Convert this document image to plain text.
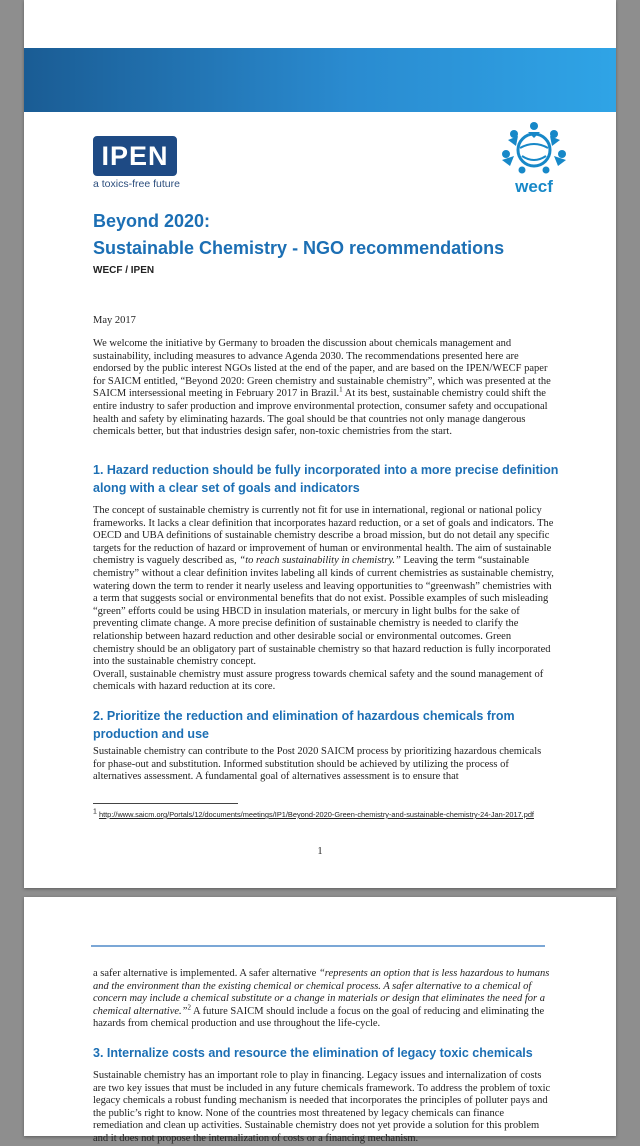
IPEN
a toxics-free future	wecf
Beyond 2020:
Sustainable Chemistry - NGO recommendations
WECF / IPEN
May 2017

We welcome the initiative by Germany to broaden the discussion about chemicals management and sustainability, including measures to advance Agenda 2030. The recommendations presented here are endorsed by the public interest NGOs listed at the end of the paper, and are based on the IPEN/WECF paper for SAICM entitled, “Beyond 2020: Green chemistry and sustainable chemistry”, which was presented at the SAICM intersessional meeting in February 2017 in Brazil.$^1$ At its best, sustainable chemistry could shift the entire industry to safer production and improve environmental protection, consumer safety and occupational health and safety by eliminating hazards. The goal should be that countries not only manage dangerous chemicals better, but that industries design safer, non-toxic chemistries from the start.

1. Hazard reduction should be fully incorporated into a more precise definition along with a clear set of goals and indicators

The concept of sustainable chemistry is currently not fit for use in international, regional or national policy frameworks. It lacks a clear definition that incorporates hazard reduction, or a set of goals and indicators. The OECD and UBA definitions of sustainable chemistry describe a broad mission, but do not detail any specific targets for the reduction of hazard or improvement of human or environmental health. The aim of sustainable chemistry is vaguely described as, “to reach sustainability in chemistry.” Leaving the term “sustainable chemistry” without a clear definition invites labeling all kinds of current chemistries as sustainable chemistry, watering down the term to render it nearly useless and leaving opportunities to “greenwash” chemistries with a term that suggests social or environmental benefits that do not exist. Possible examples of such misleading “green” efforts could be using HBCD in insulation materials, or mercury in light bulbs for the sake of preventing climate change. A more precise definition of sustainable chemistry is needed to clarify the relationship between hazard reduction and other desirable social or environmental outcomes. Green chemistry should be an obligatory part of sustainable chemistry so that hazard reduction is fully incorporated into the sustainable chemistry concept.

Overall, sustainable chemistry must assure progress towards chemical safety and the sound management of chemicals with hazard reduction at its core.

2. Prioritize the reduction and elimination of hazardous chemicals from production and use
Sustainable chemistry can contribute to the Post 2020 SAICM process by prioritizing hazardous chemicals for phase-out and substitution. Informed substitution should be achieved by utilizing the process of alternatives assessment. A fundamental goal of alternatives assessment is to ensure that
$^1$ http://www.saicm.org/Portals/12/documents/meetings/IP1/Beyond-2020-Green-chemistry-and-sustainable-chemistry-24-Jan-2017.pdf
1

a safer alternative is implemented. A safer alternative “represents an option that is less hazardous to humans and the environment than the existing chemical or chemical process. A safer alternative to a chemical of concern may include a chemical substitute or a change in materials or design that eliminates the need for a chemical alternative.”$^2$ A future SAICM should include a focus on the goal of reducing and eliminating the hazards from chemical production and use throughout the life-cycle.

3. Internalize costs and resource the elimination of legacy toxic chemicals
Sustainable chemistry has an important role to play in financing. Legacy issues and internalization of costs are two key issues that must be included in any future chemicals framework. To address the problem of toxic legacy chemicals a robust funding mechanism is needed that incorporates the principles of polluter pays and the public’s right to know. None of the countries most threatened by legacy chemicals can finance remediation and clean up activities. Sustainable chemistry does not yet provide a solution for this problem and it does not propose the internalization of costs or a financing mechanism.
